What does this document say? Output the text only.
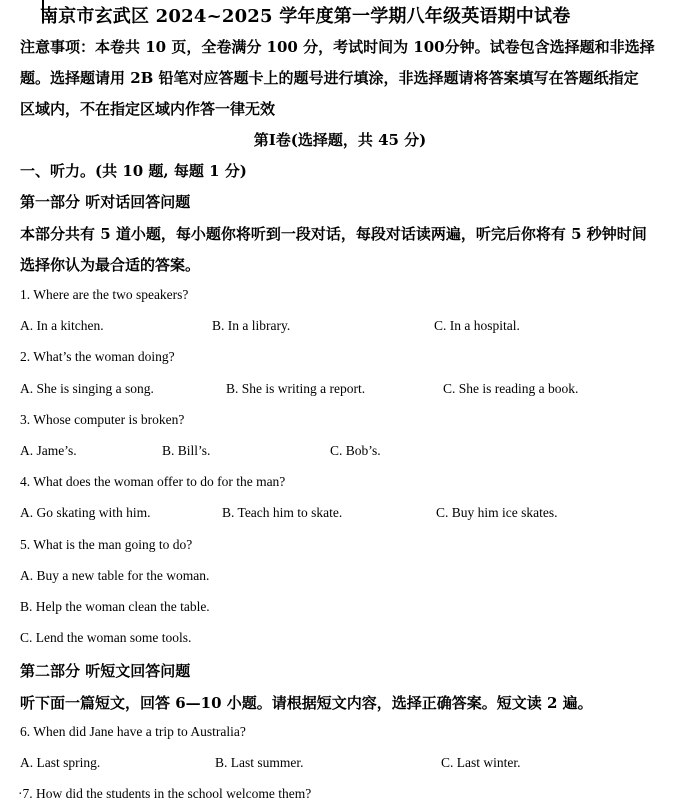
南京市玄武区 2024~2025 学年度第一学期八年级英语期中试卷
注意事项：本卷共 10 页，全卷满分 100 分，考试时间为 100分钟。试卷包含选择题和非选择
题。选择题请用 2B 铅笔对应答题卡上的题号进行填涂，非选择题请将答案填写在答题纸指定
区域内，不在指定区域内作答一律无效
第Ⅰ卷(选择题，共 45 分)
一、听力。(共 10 题, 每题 1 分)
第一部分 听对话回答问题
本部分共有 5 道小题，每小题你将听到一段对话，每段对话读两遍，听完后你将有 5 秒钟时间
选择你认为最合适的答案。
1. Where are the two speakers?
A. In a kitchen.	B. In a library.	C. In a hospital.
2. What’s the woman doing?
A. She is singing a song.	B. She is writing a report.	C. She is reading a book.
3. Whose computer is broken?
A. Jame’s.	B. Bill’s.	C. Bob’s.
4. What does the woman offer to do for the man?
A. Go skating with him.	B. Teach him to skate.	C. Buy him ice skates.
5. What is the man going to do?
A. Buy a new table for the woman.
B. Help the woman clean the table.
C. Lend the woman some tools.
第二部分 听短文回答问题
听下面一篇短文，回答 6—10 小题。请根据短文内容，选择正确答案。短文读 2 遍。
6. When did Jane have a trip to Australia?
A. Last spring.	B. Last summer.	C. Last winter.
·7. How did the students in the school welcome them?
